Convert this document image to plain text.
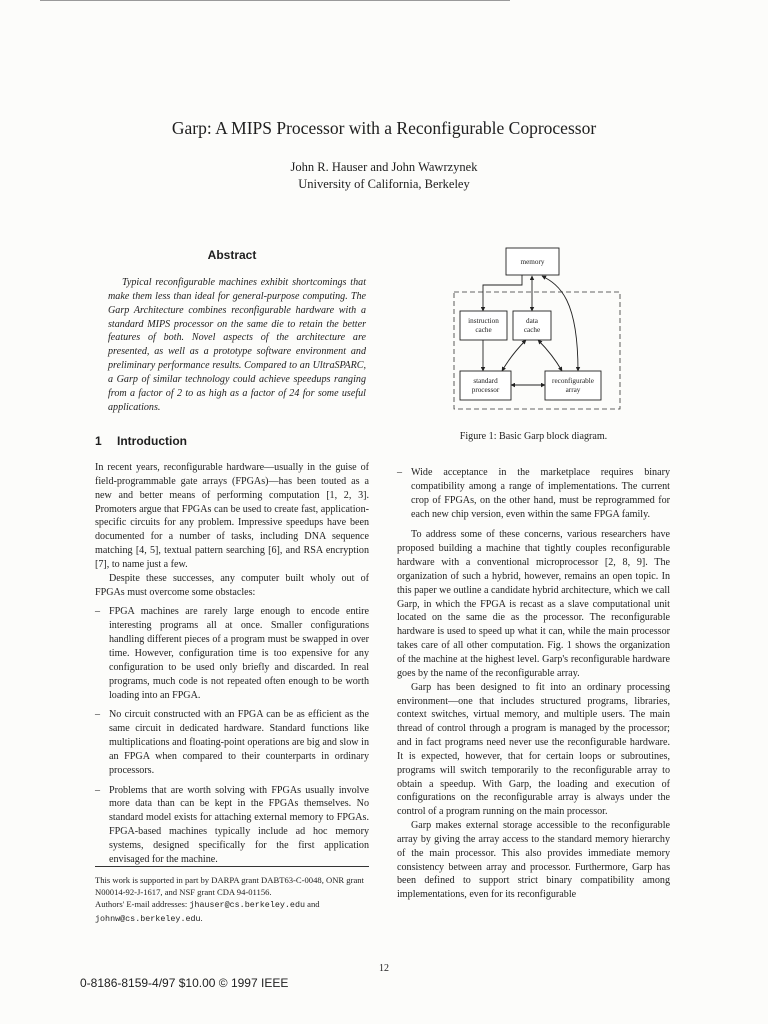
Garp: A MIPS Processor with a Reconfigurable Coprocessor
John R. Hauser and John Wawrzynek
University of California, Berkeley
Abstract

Typical reconfigurable machines exhibit shortcomings that make them less than ideal for general-purpose computing. The Garp Architecture combines reconfigurable hardware with a standard MIPS processor on the same die to retain the better features of both. Novel aspects of the architecture are presented, as well as a prototype software environment and preliminary performance results. Compared to an UltraSPARC, a Garp of similar technology could achieve speedups ranging from a factor of 2 to as high as a factor of 24 for some useful applications.

1 Introduction

In recent years, reconfigurable hardware—usually in the guise of field-programmable gate arrays (FPGAs)—has been touted as a new and better means of performing computation [1, 2, 3]. Promoters argue that FPGAs can be used to create fast, application-specific circuits for any problem. Impressive speedups have been documented for a number of tasks, including DNA sequence matching [4, 5], textual pattern searching [6], and RSA encryption [7], to name just a few.

Despite these successes, any computer built wholy out of FPGAs must overcome some obstacles:

– FPGA machines are rarely large enough to encode entire interesting programs all at once. Smaller configurations handling different pieces of a program must be swapped in over time. However, configuration time is too expensive for any configuration to be used only briefly and discarded. In real programs, much code is not repeated often enough to be worth loading into an FPGA.
– No circuit constructed with an FPGA can be as efficient as the same circuit in dedicated hardware. Standard functions like multiplications and floating-point operations are big and slow in an FPGA when compared to their counterparts in ordinary processors.
– Problems that are worth solving with FPGAs usually involve more data than can be kept in the FPGAs themselves. No standard model exists for attaching external memory to FPGAs. FPGA-based machines typically include ad hoc memory systems, designed specifically for the first application envisaged for the machine.

This work is supported in part by DARPA grant DABT63-C-0048, ONR grant N00014-92-J-1617, and NSF grant CDA 94-01156.

Authors' E-mail addresses: jhauser@cs.berkeley.edu and johnw@cs.berkeley.edu.

memory
instruction
cache
data
cache
standard
processor
reconfigurable
array
Figure 1: Basic Garp block diagram.
– Wide acceptance in the marketplace requires binary compatibility among a range of implementations. The current crop of FPGAs, on the other hand, must be reprogrammed for each new chip version, even within the same FPGA family.

To address some of these concerns, various researchers have proposed building a machine that tightly couples reconfigurable hardware with a conventional microprocessor [2, 8, 9]. The organization of such a hybrid, however, remains an open topic. In this paper we outline a candidate hybrid architecture, which we call Garp, in which the FPGA is recast as a slave computational unit located on the same die as the processor. The reconfigurable hardware is used to speed up what it can, while the main processor takes care of all other computation. Fig. 1 shows the organization of the machine at the highest level. Garp's reconfigurable hardware goes by the name of the reconfigurable array.

Garp has been designed to fit into an ordinary processing environment—one that includes structured programs, libraries, context switches, virtual memory, and multiple users. The main thread of control through a program is managed by the processor; and in fact programs need never use the reconfigurable hardware. It is expected, however, that for certain loops or subroutines, programs will switch temporarily to the reconfigurable array to obtain a speedup. With Garp, the loading and execution of configurations on the reconfigurable array is always under the control of a program running on the main processor.

Garp makes external storage accessible to the reconfigurable array by giving the array access to the standard memory hierarchy of the main processor. This also provides immediate memory consistency between array and processor. Furthermore, Garp has been defined to support strict binary compatibility among implementations, even for its reconfigurable

12
0-8186-8159-4/97 $10.00 © 1997 IEEE
